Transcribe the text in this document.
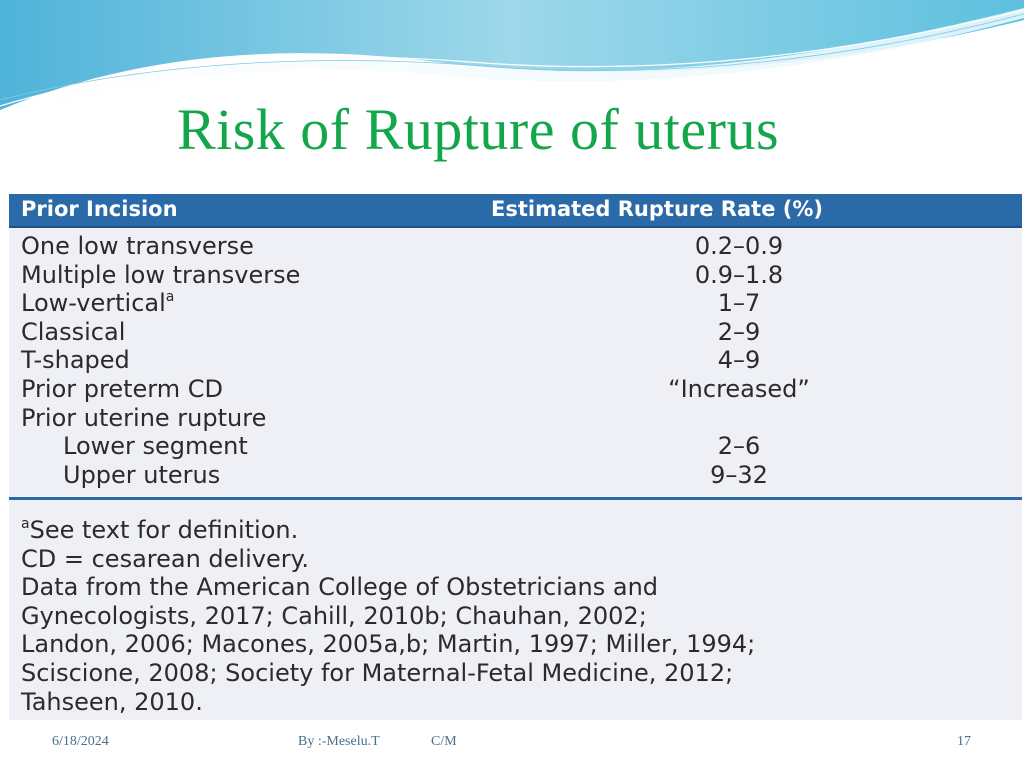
Risk of Rupture of uterus
Prior Incision	Estimated Rupture Rate (%)
One low transverse	0.2–0.9
Multiple low transverse	0.9–1.8
Low-vertical$^a$	1–7
Classical	2–9
T-shaped	4–9
Prior preterm CD	“Increased”
Prior uterine rupture
Lower segment	2–6
Upper uterus	9–32
$^a$See text for definition.
CD = cesarean delivery.
Data from the American College of Obstetricians and
Gynecologists, 2017; Cahill, 2010b; Chauhan, 2002;
Landon, 2006; Macones, 2005a,b; Martin, 1997; Miller, 1994;
Sciscione, 2008; Society for Maternal-Fetal Medicine, 2012;
Tahseen, 2010.
6/18/2024	By :-Meselu.T	C/M	17
